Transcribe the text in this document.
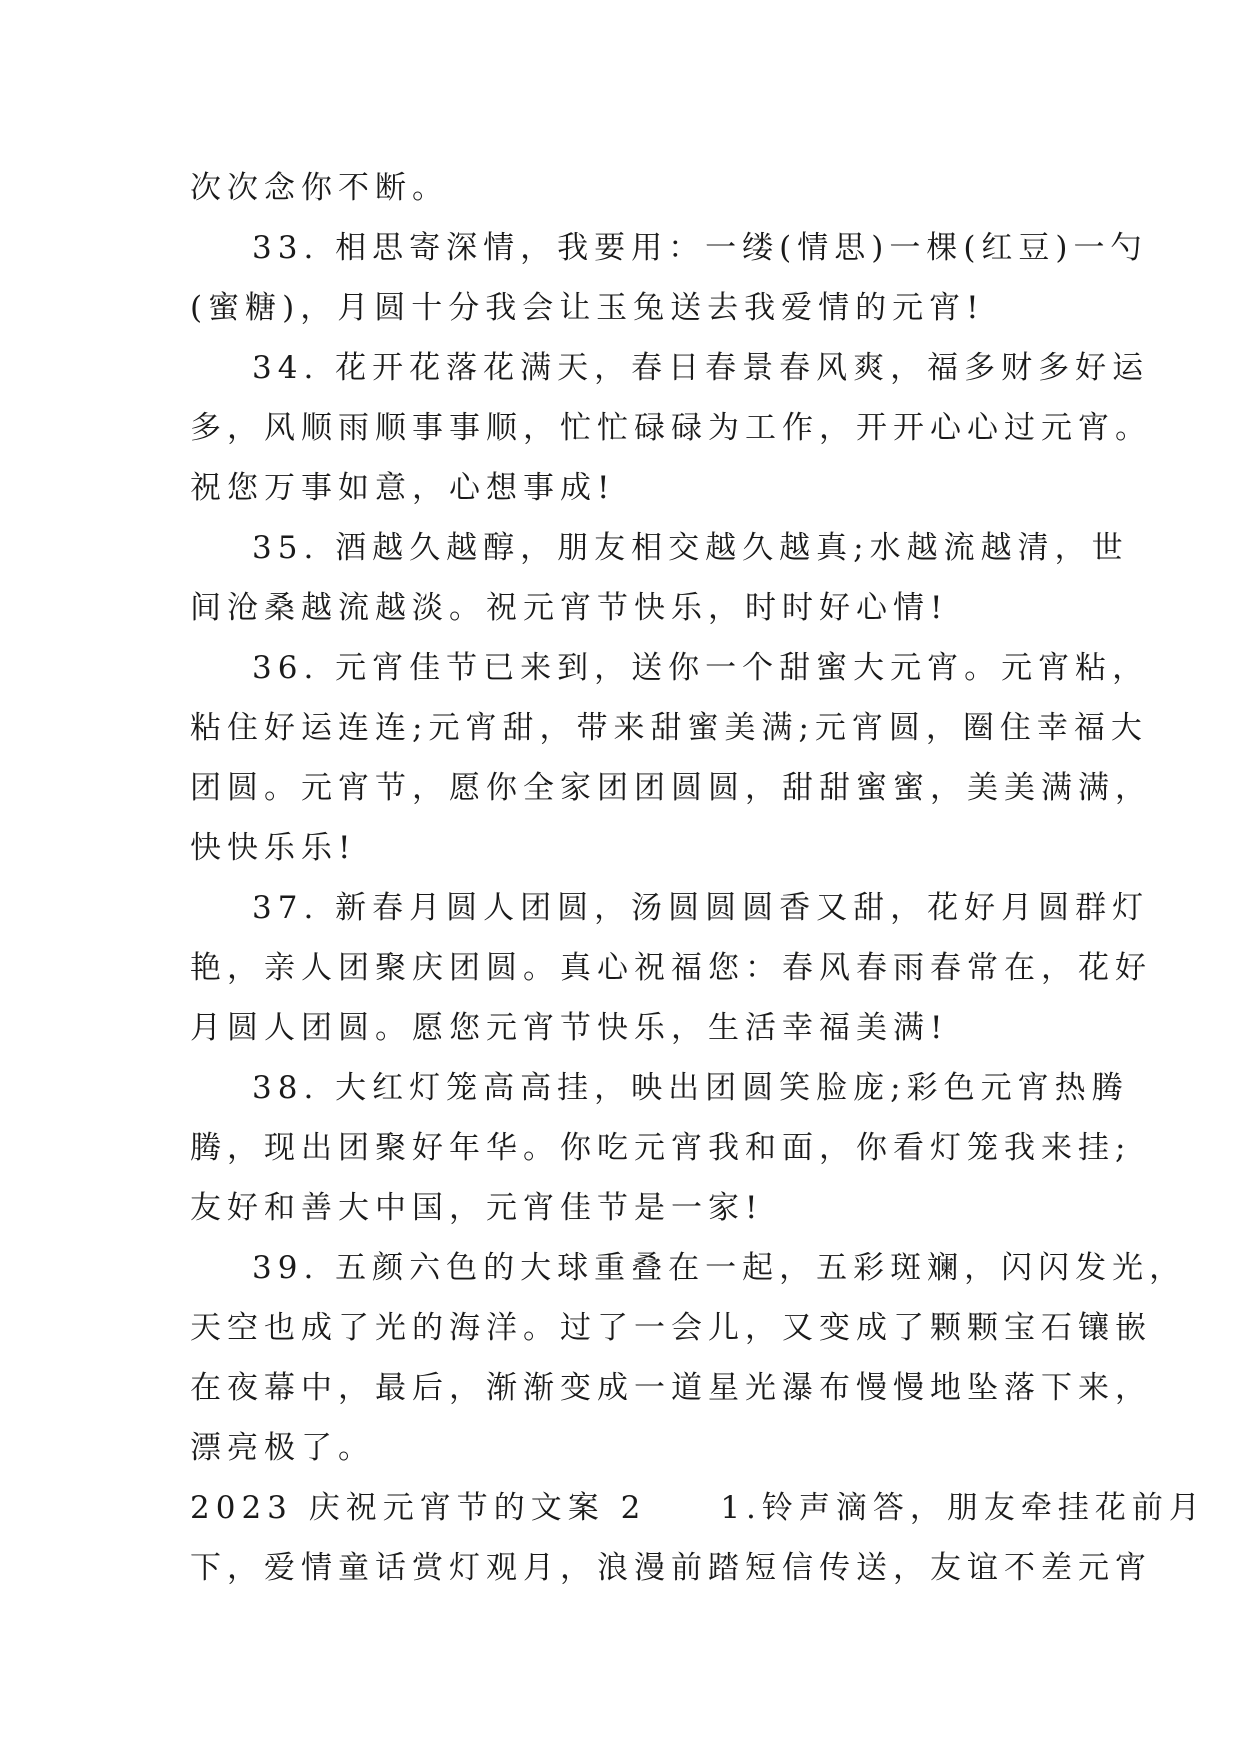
次次念你不断。
33. 相思寄深情，我要用：一缕(情思)一棵(红豆)一勺
(蜜糖)，月圆十分我会让玉兔送去我爱情的元宵!
34. 花开花落花满天，春日春景春风爽，福多财多好运
多，风顺雨顺事事顺，忙忙碌碌为工作，开开心心过元宵。
祝您万事如意，心想事成!
35. 酒越久越醇，朋友相交越久越真;水越流越清，世
间沧桑越流越淡。祝元宵节快乐，时时好心情!
36. 元宵佳节已来到，送你一个甜蜜大元宵。元宵粘，
粘住好运连连;元宵甜，带来甜蜜美满;元宵圆，圈住幸福大
团圆。元宵节，愿你全家团团圆圆，甜甜蜜蜜，美美满满，
快快乐乐!
37. 新春月圆人团圆，汤圆圆圆香又甜，花好月圆群灯
艳，亲人团聚庆团圆。真心祝福您：春风春雨春常在，花好
月圆人团圆。愿您元宵节快乐，生活幸福美满!
38. 大红灯笼高高挂，映出团圆笑脸庞;彩色元宵热腾
腾，现出团聚好年华。你吃元宵我和面，你看灯笼我来挂;
友好和善大中国，元宵佳节是一家!
39. 五颜六色的大球重叠在一起，五彩斑斓，闪闪发光，
天空也成了光的海洋。过了一会儿，又变成了颗颗宝石镶嵌
在夜幕中，最后，渐渐变成一道星光瀑布慢慢地坠落下来，
漂亮极了。
2023 庆祝元宵节的文案 2　　1.铃声滴答，朋友牵挂花前月
下，爱情童话赏灯观月，浪漫前踏短信传送，友谊不差元宵
